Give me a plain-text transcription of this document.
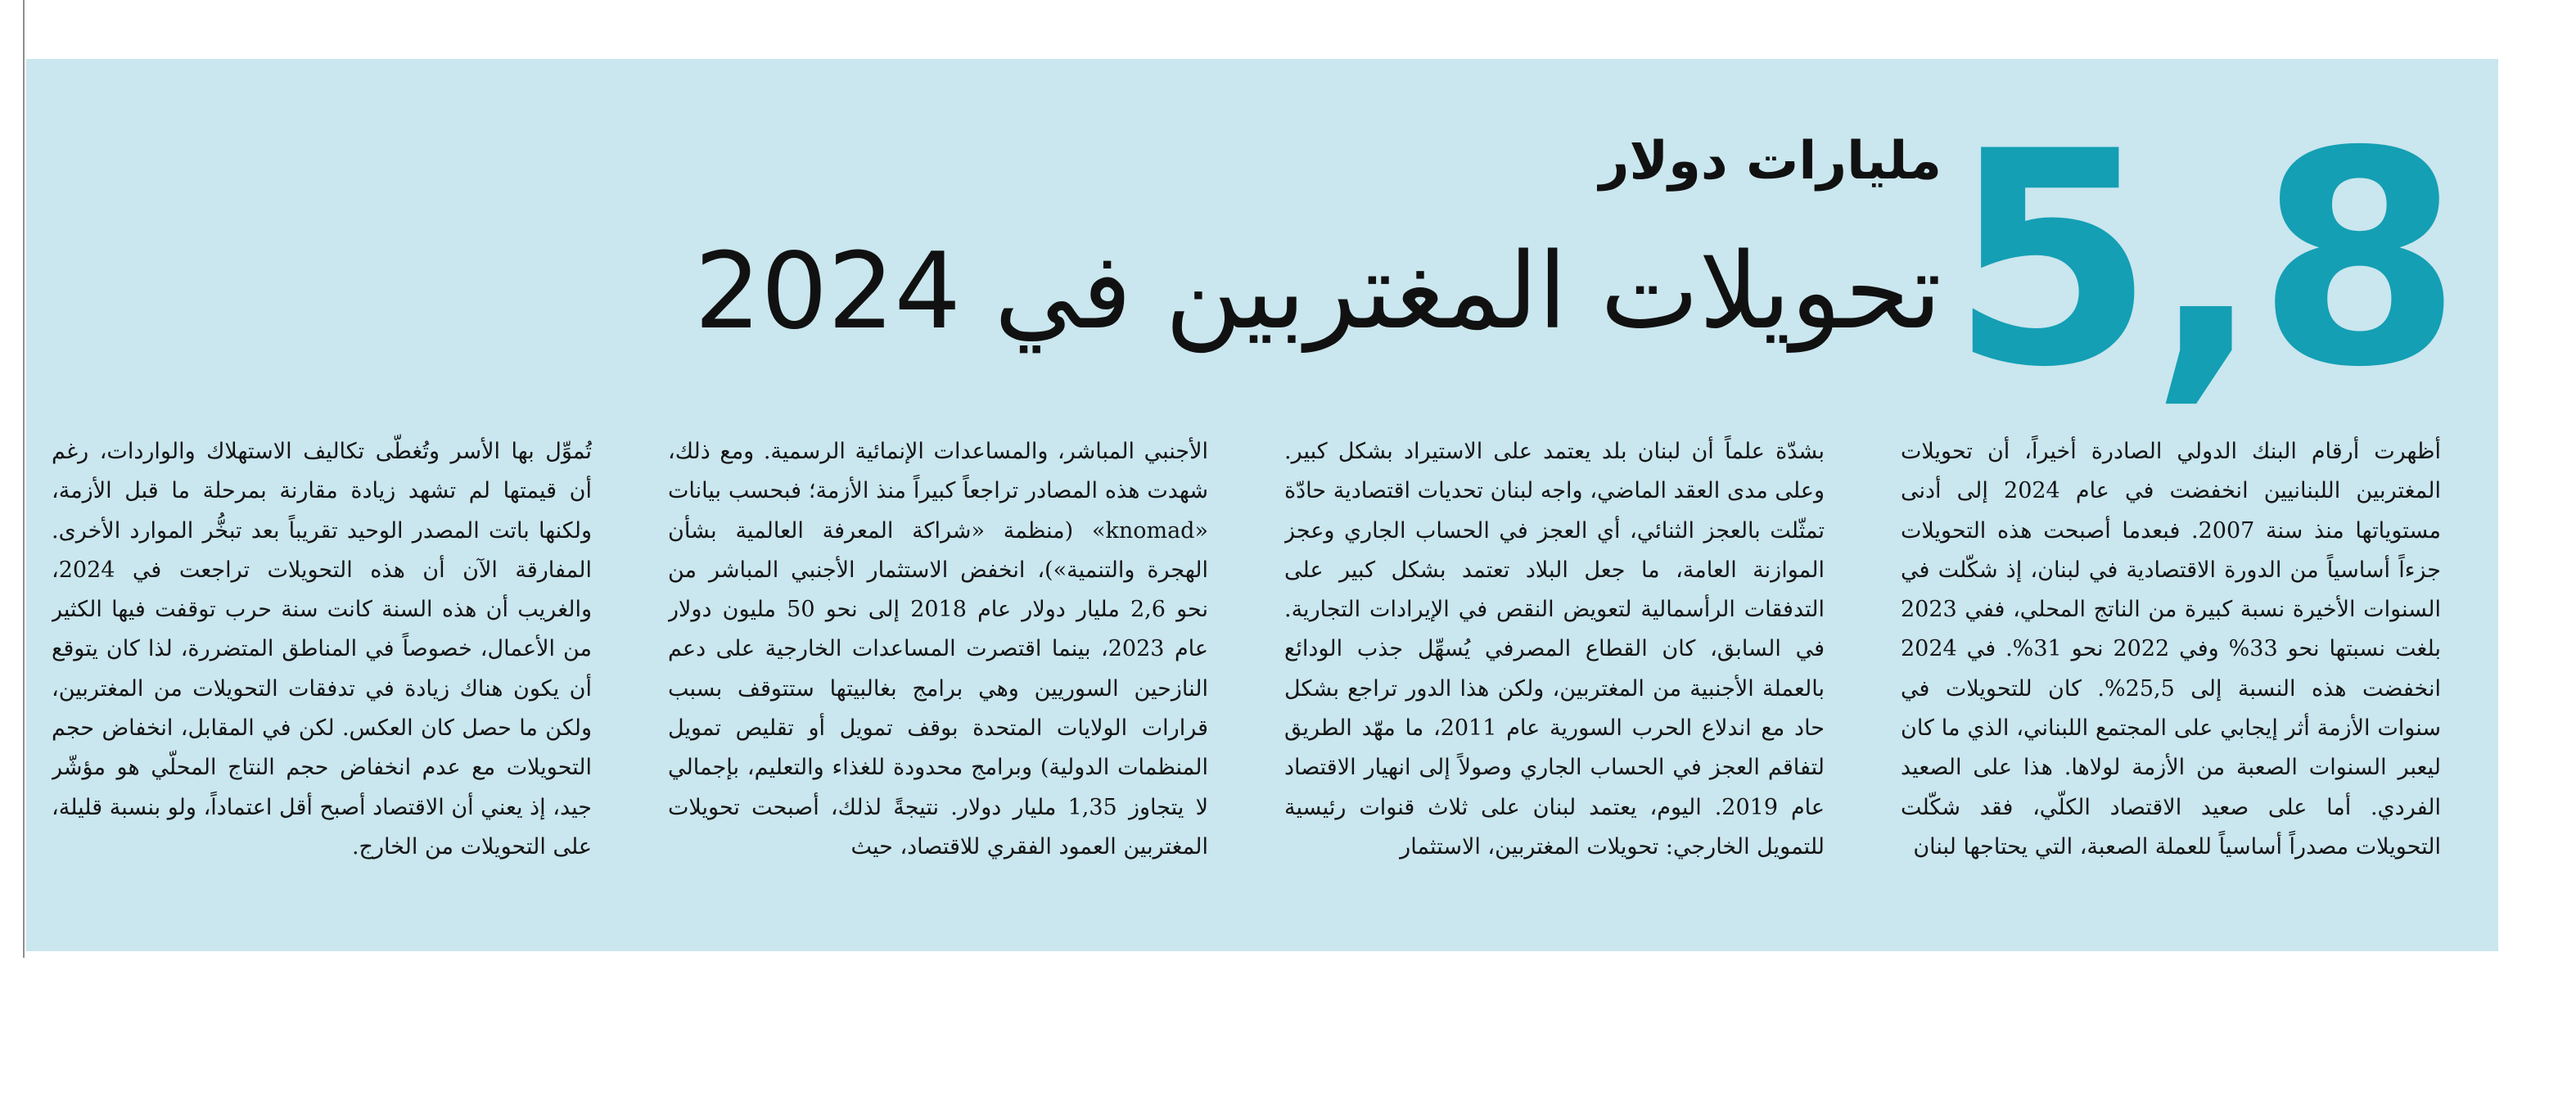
5,8
مليارات دولار
تحويلات المغتربين في 2024
أظهرت أرقام البنك الدولي الصادرة أخيراً، أن تحويلات المغتربين اللبنانيين انخفضت في عام 2024 إلى أدنى مستوياتها منذ سنة 2007. فبعدما أصبحت هذه التحويلات جزءاً أساسياً من الدورة الاقتصادية في لبنان، إذ شكّلت في السنوات الأخيرة نسبة كبيرة من الناتج المحلي، ففي 2023 بلغت نسبتها نحو 33% وفي 2022 نحو 31%. في 2024 انخفضت هذه النسبة إلى 25,5%. كان للتحويلات في سنوات الأزمة أثر إيجابي على المجتمع اللبناني، الذي ما كان ليعبر السنوات الصعبة من الأزمة لولاها. هذا على الصعيد الفردي. أما على صعيد الاقتصاد الكلّي، فقد شكّلت التحويلات مصدراً أساسياً للعملة الصعبة، التي يحتاجها لبنان
بشدّة علماً أن لبنان بلد يعتمد على الاستيراد بشكل كبير. وعلى مدى العقد الماضي، واجه لبنان تحديات اقتصادية حادّة تمثّلت بالعجز الثنائي، أي العجز في الحساب الجاري وعجز الموازنة العامة، ما جعل البلاد تعتمد بشكل كبير على التدفقات الرأسمالية لتعويض النقص في الإيرادات التجارية. في السابق، كان القطاع المصرفي يُسهِّل جذب الودائع بالعملة الأجنبية من المغتربين، ولكن هذا الدور تراجع بشكل حاد مع اندلاع الحرب السورية عام 2011، ما مهّد الطريق لتفاقم العجز في الحساب الجاري وصولاً إلى انهيار الاقتصاد عام 2019. اليوم، يعتمد لبنان على ثلاث قنوات رئيسية للتمويل الخارجي: تحويلات المغتربين، الاستثمار
الأجنبي المباشر، والمساعدات الإنمائية الرسمية. ومع ذلك، شهدت هذه المصادر تراجعاً كبيراً منذ الأزمة؛ فبحسب بيانات «knomad» (منظمة «شراكة المعرفة العالمية بشأن الهجرة والتنمية»)، انخفض الاستثمار الأجنبي المباشر من نحو 2,6 مليار دولار عام 2018 إلى نحو 50 مليون دولار عام 2023، بينما اقتصرت المساعدات الخارجية على دعم النازحين السوريين وهي برامج بغالبيتها ستتوقف بسبب قرارات الولايات المتحدة بوقف تمويل أو تقليص تمويل المنظمات الدولية) وبرامج محدودة للغذاء والتعليم، بإجمالي لا يتجاوز 1,35 مليار دولار. نتيجةً لذلك، أصبحت تحويلات المغتربين العمود الفقري للاقتصاد، حيث
تُموِّل بها الأسر وتُغطّى تكاليف الاستهلاك والواردات، رغم أن قيمتها لم تشهد زيادة مقارنة بمرحلة ما قبل الأزمة، ولكنها باتت المصدر الوحيد تقريباً بعد تبخُّر الموارد الأخرى. المفارقة الآن أن هذه التحويلات تراجعت في 2024، والغريب أن هذه السنة كانت سنة حرب توقفت فيها الكثير من الأعمال، خصوصاً في المناطق المتضررة، لذا كان يتوقع أن يكون هناك زيادة في تدفقات التحويلات من المغتربين، ولكن ما حصل كان العكس. لكن في المقابل، انخفاض حجم التحويلات مع عدم انخفاض حجم النتاج المحلّي هو مؤشّر جيد، إذ يعني أن الاقتصاد أصبح أقل اعتماداً، ولو بنسبة قليلة، على التحويلات من الخارج.
